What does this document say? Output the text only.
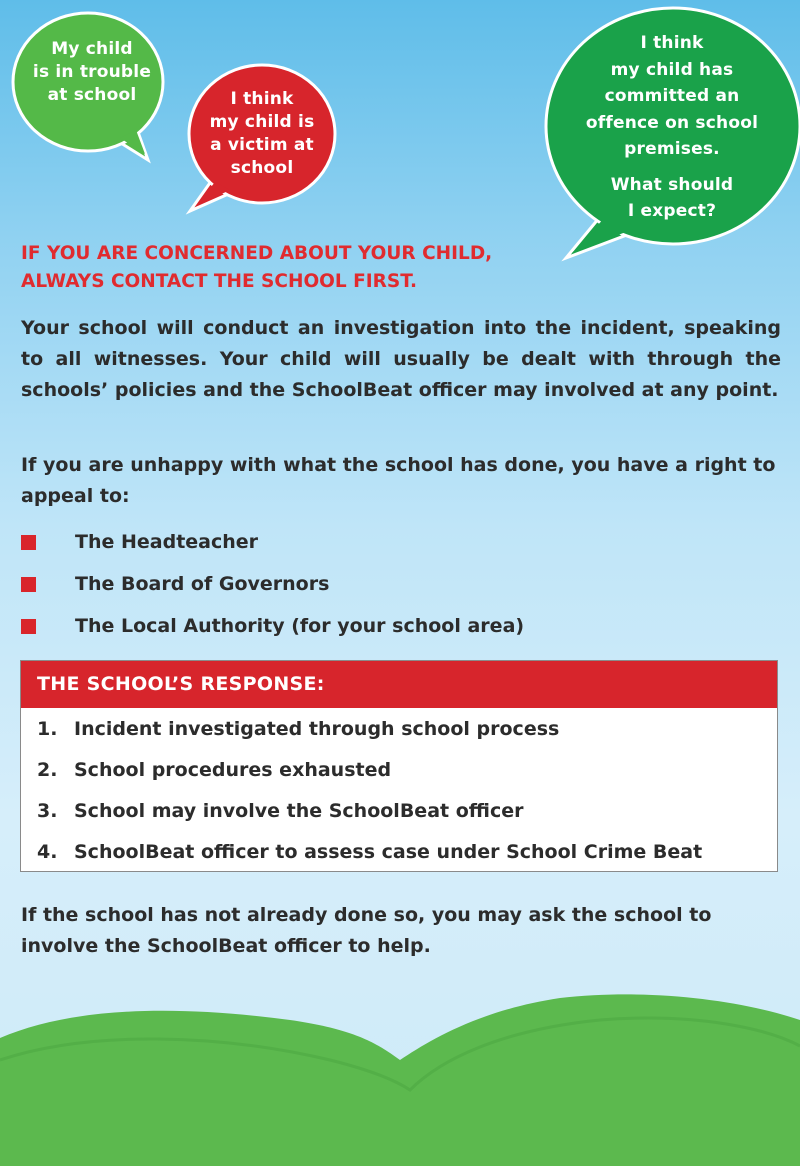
My child
is in trouble
at school	I think
my child is
a victim at
school
I think
my child has
committed an
offence on school
premises.
What should
I expect?
IF YOU ARE CONCERNED ABOUT YOUR CHILD,
ALWAYS CONTACT THE SCHOOL FIRST.
Your school will conduct an investigation into the incident, speaking to all witnesses. Your child will usually be dealt with through the schools’ policies and the SchoolBeat officer may involved at any point.
If you are unhappy with what the school has done, you have a right to appeal to:
The Headteacher
The Board of Governors
The Local Authority (for your school area)
THE SCHOOL’S RESPONSE:
1. Incident investigated through school process
2. School procedures exhausted
3. School may involve the SchoolBeat officer
4. SchoolBeat officer to assess case under School Crime Beat
If the school has not already done so, you may ask the school to involve the SchoolBeat officer to help.
